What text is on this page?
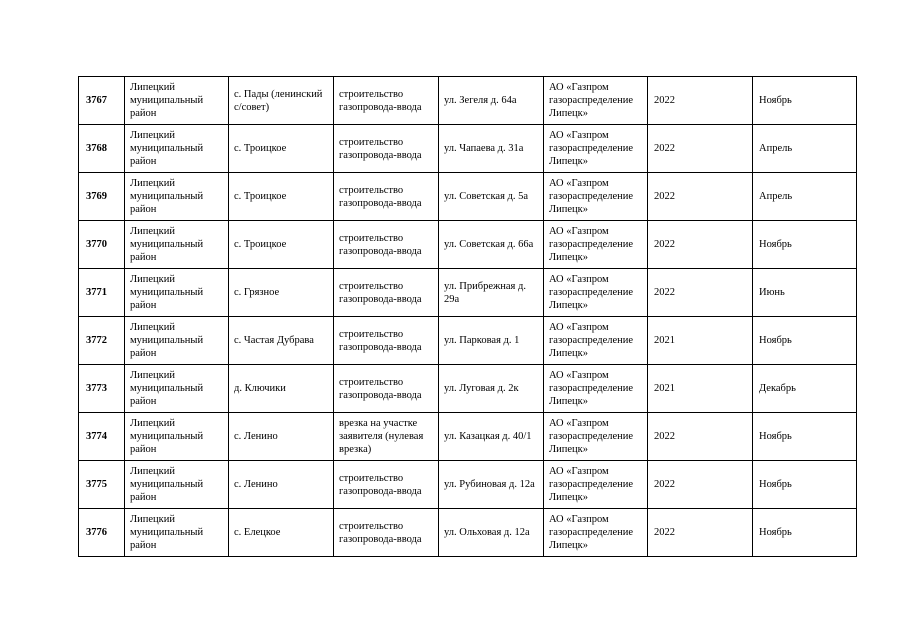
3767	Липецкий муниципальный район	с. Пады (ленинский с/совет)	строительство газопровода-ввода	ул. Зегеля д. 64а	АО «Газпром газораспределение Липецк»	2022	Ноябрь
3768	Липецкий муниципальный район	с. Троицкое	строительство газопровода-ввода	ул. Чапаева д. 31а	АО «Газпром газораспределение Липецк»	2022	Апрель
3769	Липецкий муниципальный район	с. Троицкое	строительство газопровода-ввода	ул. Советская д. 5а	АО «Газпром газораспределение Липецк»	2022	Апрель
3770	Липецкий муниципальный район	с. Троицкое	строительство газопровода-ввода	ул. Советская д. 66а	АО «Газпром газораспределение Липецк»	2022	Ноябрь
3771	Липецкий муниципальный район	с. Грязное	строительство газопровода-ввода	ул. Прибрежная д. 29а	АО «Газпром газораспределение Липецк»	2022	Июнь
3772	Липецкий муниципальный район	с. Частая Дубрава	строительство газопровода-ввода	ул. Парковая д. 1	АО «Газпром газораспределение Липецк»	2021	Ноябрь
3773	Липецкий муниципальный район	д. Ключики	строительство газопровода-ввода	ул. Луговая д. 2к	АО «Газпром газораспределение Липецк»	2021	Декабрь
3774	Липецкий муниципальный район	с. Ленино	врезка на участке заявителя (нулевая врезка)	ул. Казацкая д. 40/1	АО «Газпром газораспределение Липецк»	2022	Ноябрь
3775	Липецкий муниципальный район	с. Ленино	строительство газопровода-ввода	ул. Рубиновая д. 12а	АО «Газпром газораспределение Липецк»	2022	Ноябрь
3776	Липецкий муниципальный район	с. Елецкое	строительство газопровода-ввода	ул. Ольховая д. 12а	АО «Газпром газораспределение Липецк»	2022	Ноябрь
